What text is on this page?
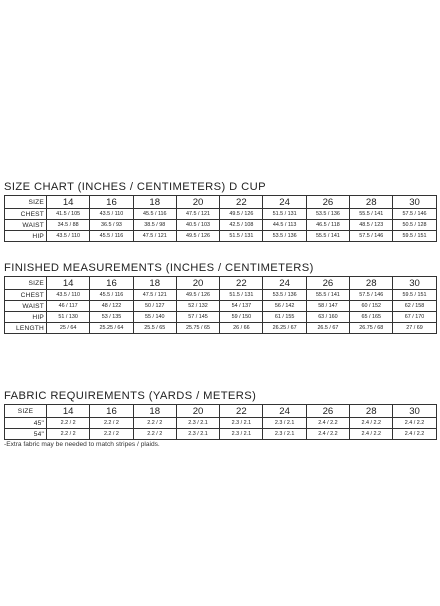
SIZE CHART (INCHES / CENTIMETERS) D CUP
SIZE	14	16	18	20	22	24	26	28	30
CHEST	41.5 / 105	43.5 / 110	45.5 / 116	47.5 / 121	49.5 / 126	51.5 / 131	53.5 / 136	55.5 / 141	57.5 / 146
WAIST	34.5 / 88	36.5 / 93	38.5 / 98	40.5 / 103	42.5 / 108	44.5 / 113	46.5 / 118	48.5 / 123	50.5 / 128
HIP	43.5 / 110	45.5 / 116	47.5 / 121	49.5 / 126	51.5 / 131	53.5 / 136	55.5 / 141	57.5 / 146	59.5 / 151
FINISHED MEASUREMENTS (INCHES / CENTIMETERS)
SIZE	14	16	18	20	22	24	26	28	30
CHEST	43.5 / 110	45.5 / 116	47.5 / 121	49.5 / 126	51.5 / 131	53.5 / 136	55.5 / 141	57.5 / 146	59.5 / 151
WAIST	46 / 117	48 / 122	50 / 127	52 / 132	54 / 137	56 / 142	58 / 147	60 / 152	62 / 158
HIP	51 / 130	53 / 135	55 / 140	57 / 145	59 / 150	61 / 155	63 / 160	65 / 165	67 / 170
LENGTH	25 / 64	25.25 / 64	25.5 / 65	25.75 / 65	26 / 66	26.25 / 67	26.5 / 67	26.75 / 68	27 / 69
FABRIC REQUIREMENTS (YARDS / METERS)
SIZE	14	16	18	20	22	24	26	28	30
45"	2.2 / 2	2.2 / 2	2.2 / 2	2.3 / 2.1	2.3 / 2.1	2.3 / 2.1	2.4 / 2.2	2.4 / 2.2	2.4 / 2.2
54"	2.2 / 2	2.2 / 2	2.2 / 2	2.3 / 2.1	2.3 / 2.1	2.3 / 2.1	2.4 / 2.2	2.4 / 2.2	2.4 / 2.2
-Extra fabric may be needed to match stripes / plaids.
